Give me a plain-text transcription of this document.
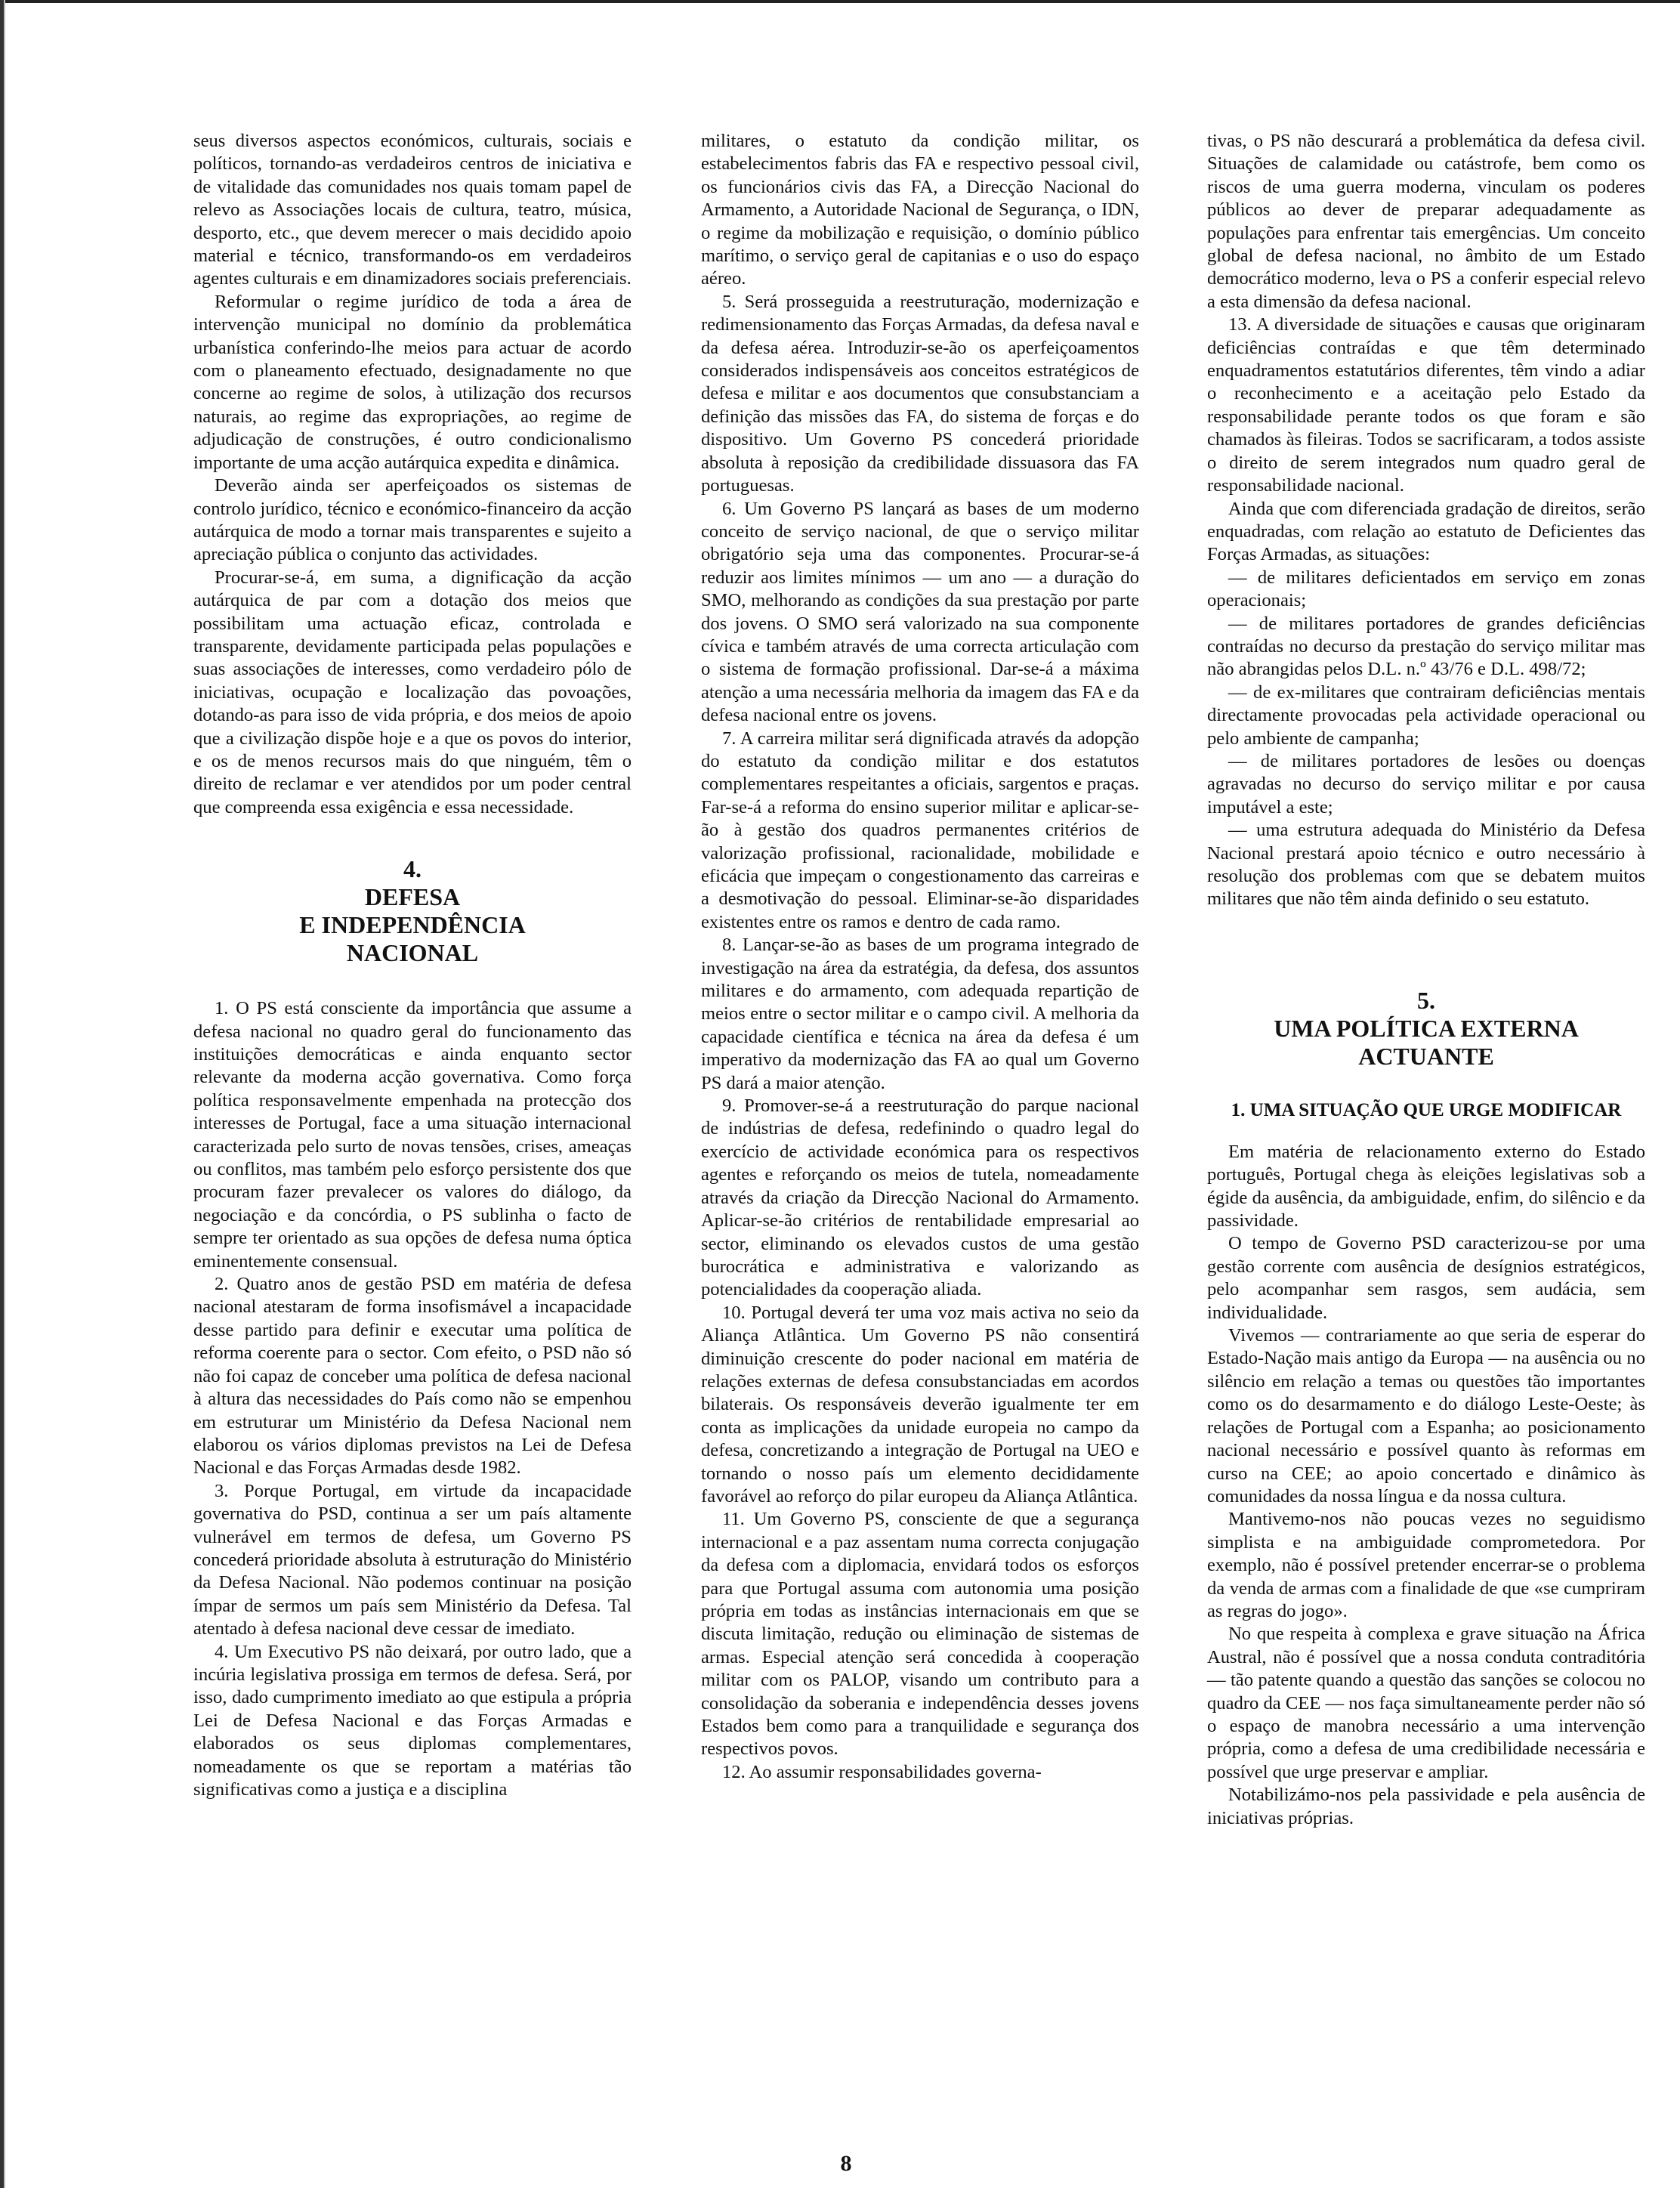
seus diversos aspectos económicos, culturais, sociais e políticos, tornando-as verdadeiros centros de iniciativa e de vitalidade das comunidades nos quais tomam papel de relevo as Associações locais de cultura, teatro, música, desporto, etc., que devem merecer o mais decidido apoio material e técnico, transformando-os em verdadeiros agentes culturais e em dinamizadores sociais preferenciais.

Reformular o regime jurídico de toda a área de intervenção municipal no domínio da problemática urbanística conferindo-lhe meios para actuar de acordo com o planeamento efectuado, designadamente no que concerne ao regime de solos, à utilização dos recursos naturais, ao regime das expropriações, ao regime de adjudicação de construções, é outro condicionalismo importante de uma acção autárquica expedita e dinâmica.

Deverão ainda ser aperfeiçoados os sistemas de controlo jurídico, técnico e económico-financeiro da acção autárquica de modo a tornar mais transparentes e sujeito a apreciação pública o conjunto das actividades.

Procurar-se-á, em suma, a dignificação da acção autárquica de par com a dotação dos meios que possibilitam uma actuação eficaz, controlada e transparente, devidamente participada pelas populações e suas associações de interesses, como verdadeiro pólo de iniciativas, ocupação e localização das povoações, dotando-as para isso de vida própria, e dos meios de apoio que a civilização dispõe hoje e a que os povos do interior, e os de menos recursos mais do que ninguém, têm o direito de reclamar e ver atendidos por um poder central que compreenda essa exigência e essa necessidade.

4.
DEFESA
E INDEPENDÊNCIA
NACIONAL

1. O PS está consciente da importância que assume a defesa nacional no quadro geral do funcionamento das instituições democráticas e ainda enquanto sector relevante da moderna acção governativa. Como força política responsavelmente empenhada na protecção dos interesses de Portugal, face a uma situação internacional caracterizada pelo surto de novas tensões, crises, ameaças ou conflitos, mas também pelo esforço persistente dos que procuram fazer prevalecer os valores do diálogo, da negociação e da concórdia, o PS sublinha o facto de sempre ter orientado as sua opções de defesa numa óptica eminentemente consensual.

2. Quatro anos de gestão PSD em matéria de defesa nacional atestaram de forma insofismável a incapacidade desse partido para definir e executar uma política de reforma coerente para o sector. Com efeito, o PSD não só não foi capaz de conceber uma política de defesa nacional à altura das necessidades do País como não se empenhou em estruturar um Ministério da Defesa Nacional nem elaborou os vários diplomas previstos na Lei de Defesa Nacional e das Forças Armadas desde 1982.

3. Porque Portugal, em virtude da incapacidade governativa do PSD, continua a ser um país altamente vulnerável em termos de defesa, um Governo PS concederá prioridade absoluta à estruturação do Ministério da Defesa Nacional. Não podemos continuar na posição ímpar de sermos um país sem Ministério da Defesa. Tal atentado à defesa nacional deve cessar de imediato.

4. Um Executivo PS não deixará, por outro lado, que a incúria legislativa prossiga em termos de defesa. Será, por isso, dado cumprimento imediato ao que estipula a própria Lei de Defesa Nacional e das Forças Armadas e elaborados os seus diplomas complementares, nomeadamente os que se reportam a matérias tão significativas como a justiça e a disciplina

militares, o estatuto da condição militar, os estabelecimentos fabris das FA e respectivo pessoal civil, os funcionários civis das FA, a Direcção Nacional do Armamento, a Autoridade Nacional de Segurança, o IDN, o regime da mobilização e requisição, o domínio público marítimo, o serviço geral de capitanias e o uso do espaço aéreo.

5. Será prosseguida a reestruturação, modernização e redimensionamento das Forças Armadas, da defesa naval e da defesa aérea. Introduzir-se-ão os aperfeiçoamentos considerados indispensáveis aos conceitos estratégicos de defesa e militar e aos documentos que consubstanciam a definição das missões das FA, do sistema de forças e do dispositivo. Um Governo PS concederá prioridade absoluta à reposição da credibilidade dissuasora das FA portuguesas.

6. Um Governo PS lançará as bases de um moderno conceito de serviço nacional, de que o serviço militar obrigatório seja uma das componentes. Procurar-se-á reduzir aos limites mínimos — um ano — a duração do SMO, melhorando as condições da sua prestação por parte dos jovens. O SMO será valorizado na sua componente cívica e também através de uma correcta articulação com o sistema de formação profissional. Dar-se-á a máxima atenção a uma necessária melhoria da imagem das FA e da defesa nacional entre os jovens.

7. A carreira militar será dignificada através da adopção do estatuto da condição militar e dos estatutos complementares respeitantes a oficiais, sargentos e praças. Far-se-á a reforma do ensino superior militar e aplicar-se-ão à gestão dos quadros permanentes critérios de valorização profissional, racionalidade, mobilidade e eficácia que impeçam o congestionamento das carreiras e a desmotivação do pessoal. Eliminar-se-ão disparidades existentes entre os ramos e dentro de cada ramo.

8. Lançar-se-ão as bases de um programa integrado de investigação na área da estratégia, da defesa, dos assuntos militares e do armamento, com adequada repartição de meios entre o sector militar e o campo civil. A melhoria da capacidade científica e técnica na área da defesa é um imperativo da modernização das FA ao qual um Governo PS dará a maior atenção.

9. Promover-se-á a reestruturação do parque nacional de indústrias de defesa, redefinindo o quadro legal do exercício de actividade económica para os respectivos agentes e reforçando os meios de tutela, nomeadamente através da criação da Direcção Nacional do Armamento. Aplicar-se-ão critérios de rentabilidade empresarial ao sector, eliminando os elevados custos de uma gestão burocrática e administrativa e valorizando as potencialidades da cooperação aliada.

10. Portugal deverá ter uma voz mais activa no seio da Aliança Atlântica. Um Governo PS não consentirá diminuição crescente do poder nacional em matéria de relações externas de defesa consubstanciadas em acordos bilaterais. Os responsáveis deverão igualmente ter em conta as implicações da unidade europeia no campo da defesa, concretizando a integração de Portugal na UEO e tornando o nosso país um elemento decididamente favorável ao reforço do pilar europeu da Aliança Atlântica.

11. Um Governo PS, consciente de que a segurança internacional e a paz assentam numa correcta conjugação da defesa com a diplomacia, envidará todos os esforços para que Portugal assuma com autonomia uma posição própria em todas as instâncias internacionais em que se discuta limitação, redução ou eliminação de sistemas de armas. Especial atenção será concedida à cooperação militar com os PALOP, visando um contributo para a consolidação da soberania e independência desses jovens Estados bem como para a tranquilidade e segurança dos respectivos povos.

12. Ao assumir responsabilidades governa-

tivas, o PS não descurará a problemática da defesa civil. Situações de calamidade ou catástrofe, bem como os riscos de uma guerra moderna, vinculam os poderes públicos ao dever de preparar adequadamente as populações para enfrentar tais emergências. Um conceito global de defesa nacional, no âmbito de um Estado democrático moderno, leva o PS a conferir especial relevo a esta dimensão da defesa nacional.

13. A diversidade de situações e causas que originaram deficiências contraídas e que têm determinado enquadramentos estatutários diferentes, têm vindo a adiar o reconhecimento e a aceitação pelo Estado da responsabilidade perante todos os que foram e são chamados às fileiras. Todos se sacrificaram, a todos assiste o direito de serem integrados num quadro geral de responsabilidade nacional.

Ainda que com diferenciada gradação de direitos, serão enquadradas, com relação ao estatuto de Deficientes das Forças Armadas, as situações:

— de militares deficientados em serviço em zonas operacionais;

— de militares portadores de grandes deficiências contraídas no decurso da prestação do serviço militar mas não abrangidas pelos D.L. n.º 43/76 e D.L. 498/72;

— de ex-militares que contrairam deficiências mentais directamente provocadas pela actividade operacional ou pelo ambiente de campanha;

— de militares portadores de lesões ou doenças agravadas no decurso do serviço militar e por causa imputável a este;

— uma estrutura adequada do Ministério da Defesa Nacional prestará apoio técnico e outro necessário à resolução dos problemas com que se debatem muitos militares que não têm ainda definido o seu estatuto.

5.
UMA POLÍTICA EXTERNA
ACTUANTE
1. UMA SITUAÇÃO QUE URGE MODIFICAR

Em matéria de relacionamento externo do Estado português, Portugal chega às eleições legislativas sob a égide da ausência, da ambiguidade, enfim, do silêncio e da passividade.

O tempo de Governo PSD caracterizou-se por uma gestão corrente com ausência de desígnios estratégicos, pelo acompanhar sem rasgos, sem audácia, sem individualidade.

Vivemos — contrariamente ao que seria de esperar do Estado-Nação mais antigo da Europa — na ausência ou no silêncio em relação a temas ou questões tão importantes como os do desarmamento e do diálogo Leste-Oeste; às relações de Portugal com a Espanha; ao posicionamento nacional necessário e possível quanto às reformas em curso na CEE; ao apoio concertado e dinâmico às comunidades da nossa língua e da nossa cultura.

Mantivemo-nos não poucas vezes no seguidismo simplista e na ambiguidade comprometedora. Por exemplo, não é possível pretender encerrar-se o problema da venda de armas com a finalidade de que «se cumpriram as regras do jogo».

No que respeita à complexa e grave situação na África Austral, não é possível que a nossa conduta contraditória — tão patente quando a questão das sanções se colocou no quadro da CEE — nos faça simultaneamente perder não só o espaço de manobra necessário a uma intervenção própria, como a defesa de uma credibilidade necessária e possível que urge preservar e ampliar.

Notabilizámo-nos pela passividade e pela ausência de iniciativas próprias.

8
